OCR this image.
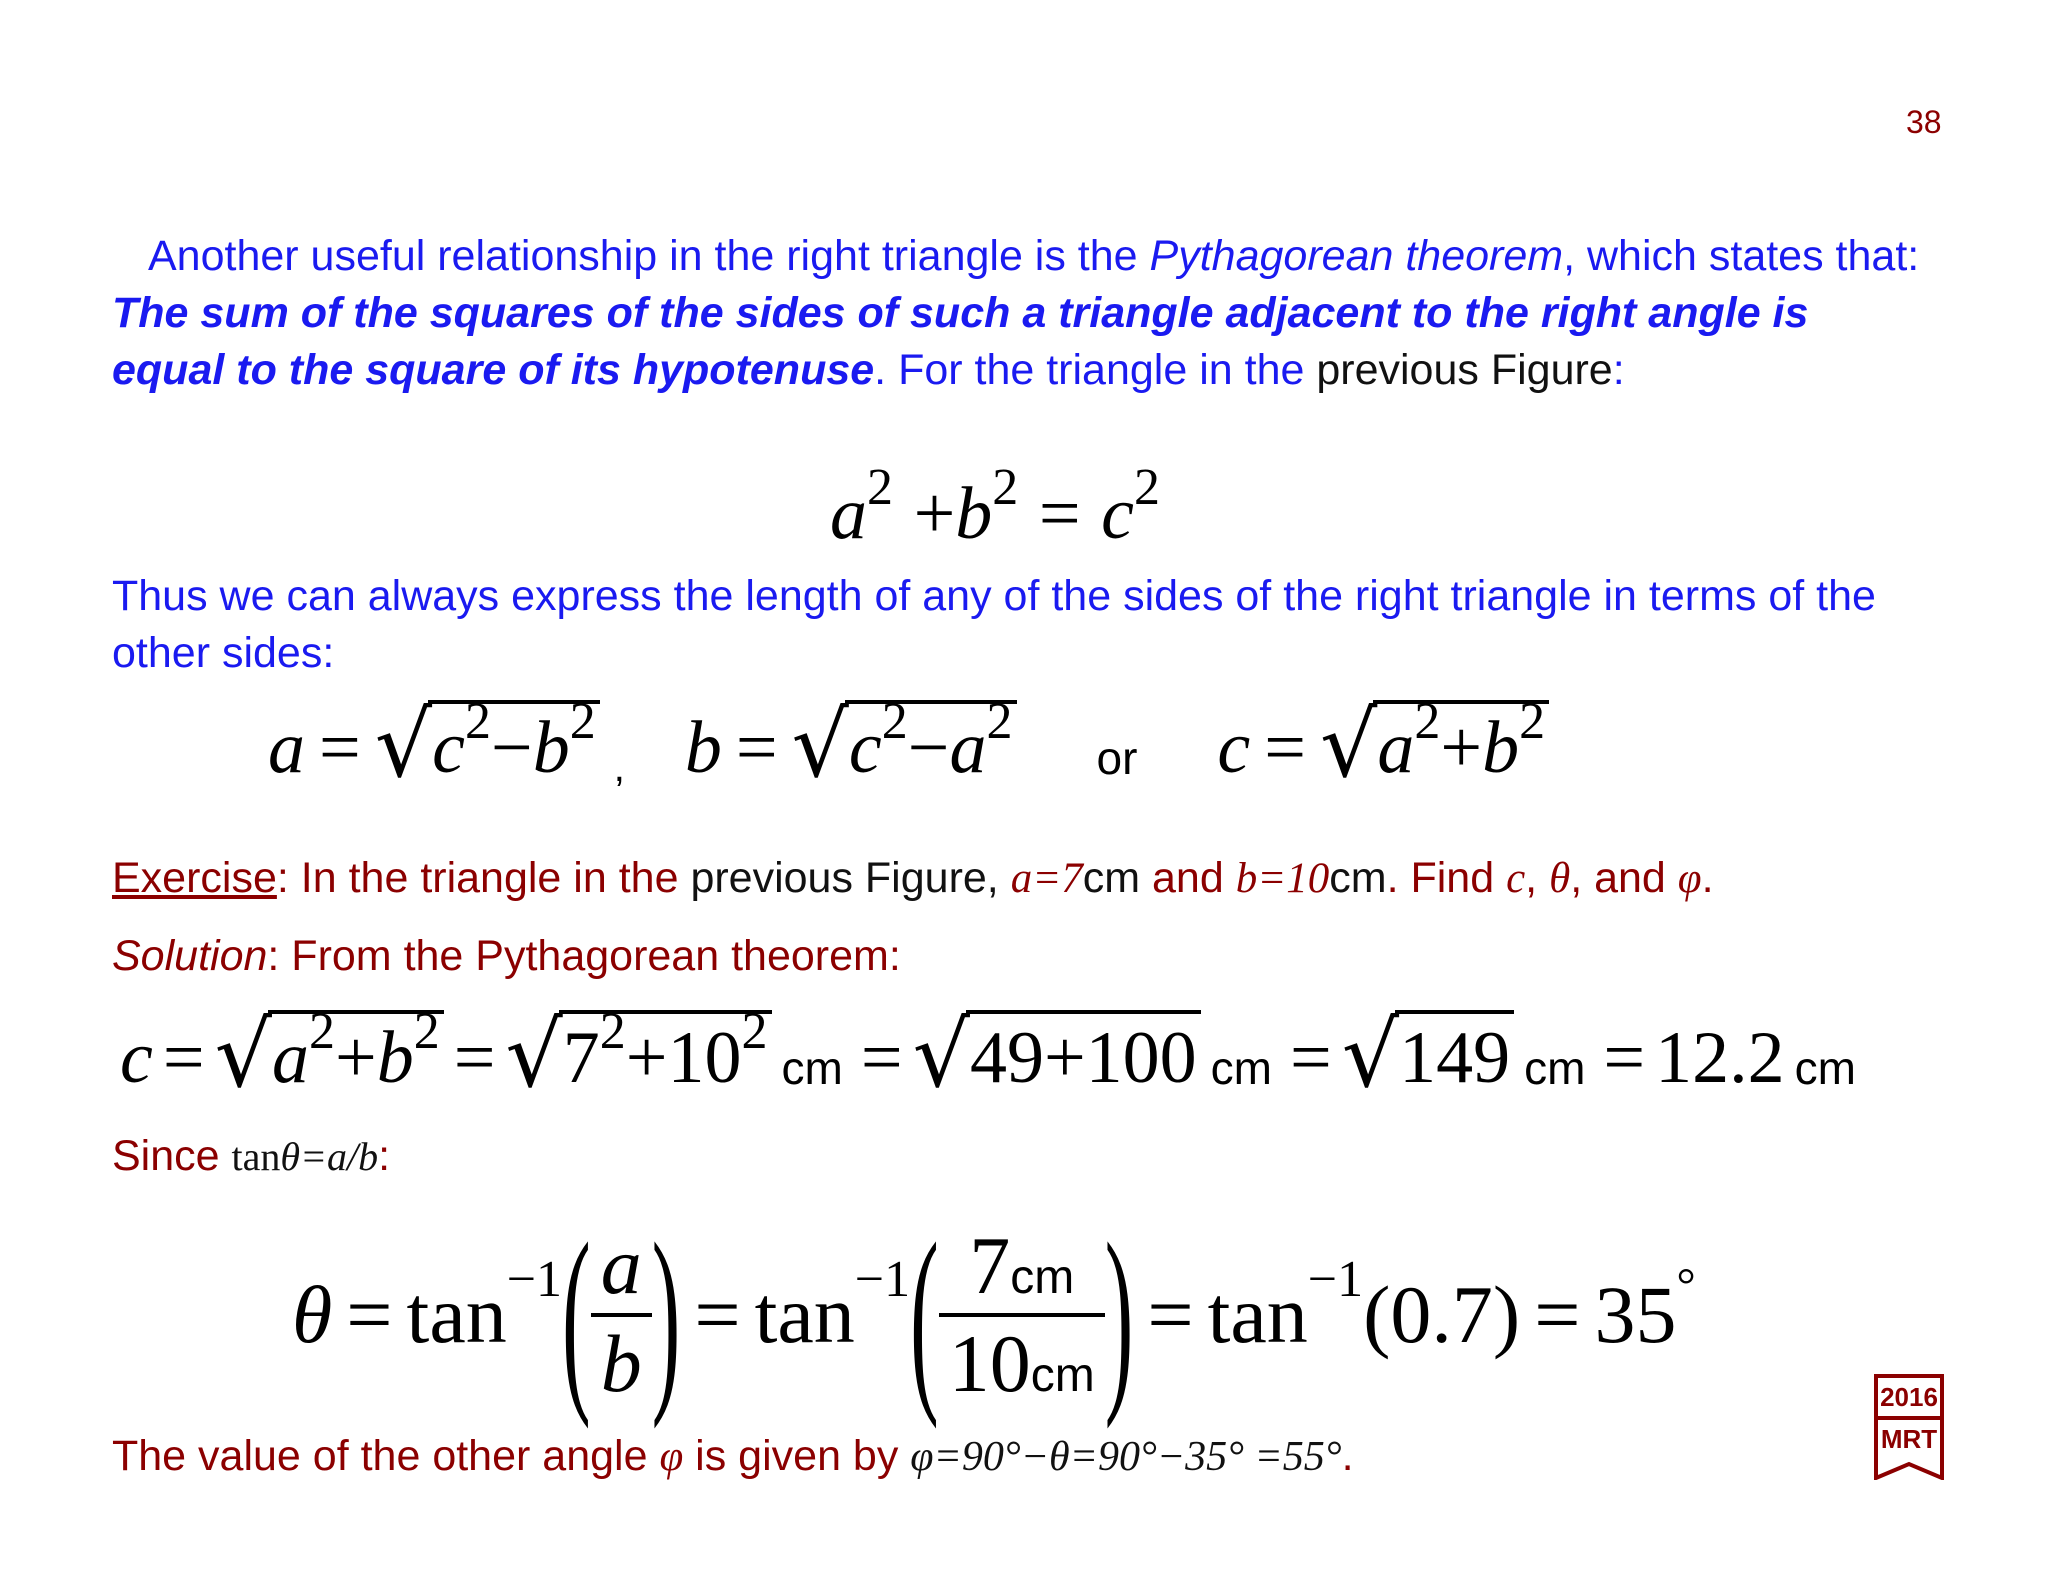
38
Another useful relationship in the right triangle is the Pythagorean theorem, which states that: The sum of the squares of the sides of such a triangle adjacent to the right angle is equal to the square of its hypotenuse. For the triangle in the previous Figure:
$a^2 +b^2 = c^2$
Thus we can always express the length of any of the sides of the right triangle in terms of the other sides:
a = √ $c^2-b^2$
, b = √ $c^2-a^2$
or c = √ $a^2+b^2$
Exercise: In the triangle in the previous Figure, a=7cm and b=10cm. Find c, θ, and φ.
Solution: From the Pythagorean theorem:
c = √ $a^2+b^2$ = √ $7^2+10^2$
cm = √ 49+100 cm = √ 149 cm = 12.2 cm
Since tanθ=a/b:
θ = tan −1 ( $\frac{a}{b}$ ) = tan −1 ( $\frac{7cm}{10cm}$ ) = tan −1 (0.7) = 35 °
The value of the other angle φ is given by φ=90°−θ=90°−35° =55°.
2016
MRT
